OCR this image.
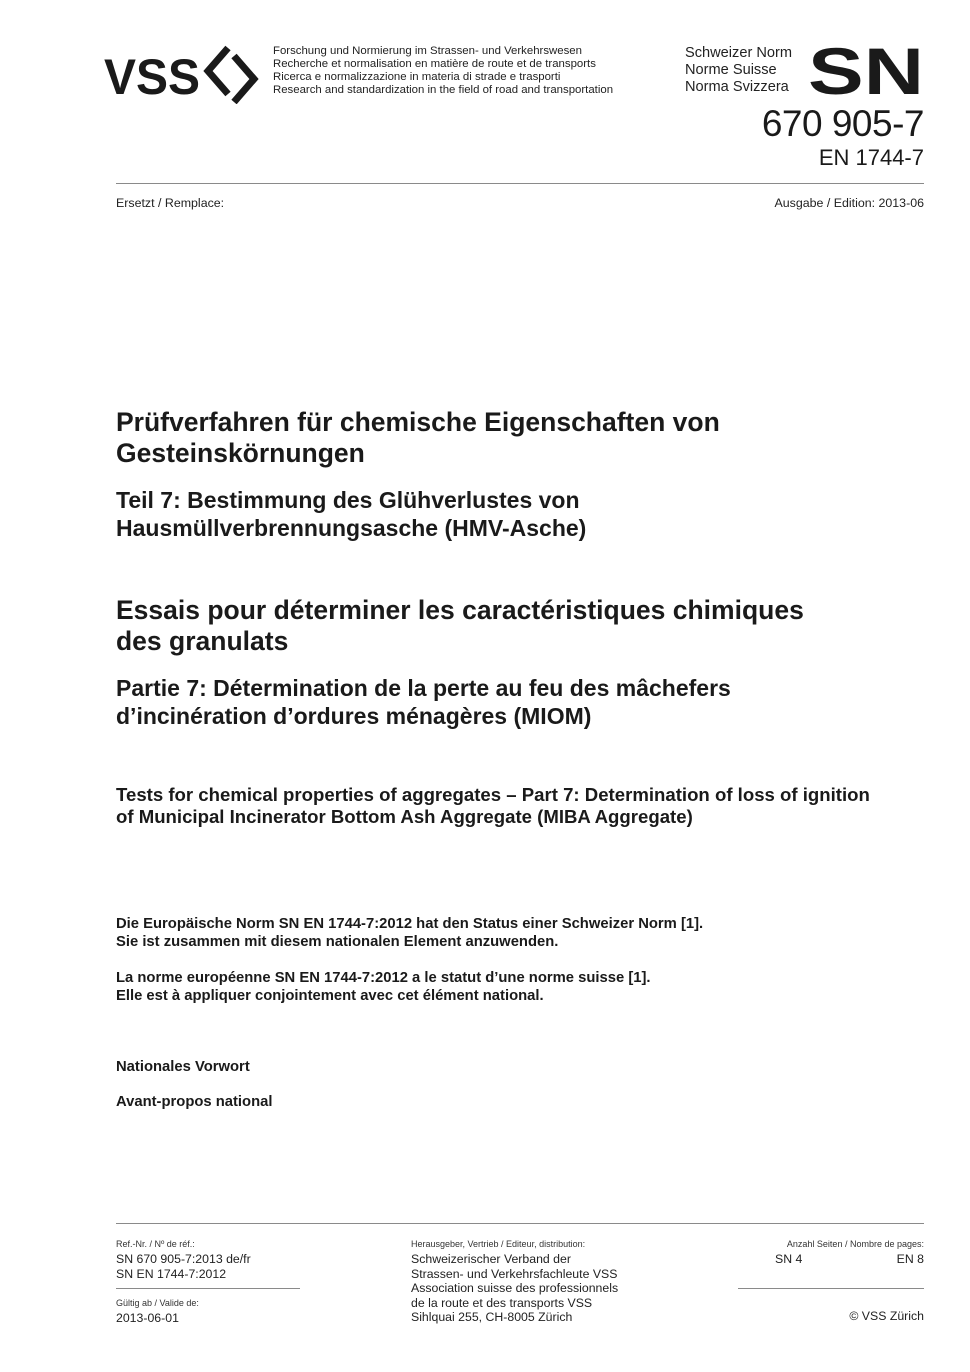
VSS	Forschung und Normierung im Strassen- und Verkehrswesen
Recherche et normalisation en matière de route et de transports
Ricerca e normalizzazione in materia di strade e trasporti
Research and standardization in the field of road and transportation
Schweizer Norm
Norme Suisse
Norma Svizzera SN
670 905-7
EN 1744-7
Ersetzt / Remplace:	Ausgabe / Edition: 2013-06
Prüfverfahren für chemische Eigenschaften von
Gesteinskörnungen
Teil 7: Bestimmung des Glühverlustes von
Hausmüllverbrennungsasche (HMV-Asche)
Essais pour déterminer les caractéristiques chimiques
des granulats
Partie 7: Détermination de la perte au feu des mâchefers
d’incinération d’ordures ménagères (MIOM)
Tests for chemical properties of aggregates – Part 7: Determination of loss of ignition
of Municipal Incinerator Bottom Ash Aggregate (MIBA Aggregate)
Die Europäische Norm SN EN 1744-7:2012 hat den Status einer Schweizer Norm [1].
Sie ist zusammen mit diesem nationalen Element anzuwenden.
La norme européenne SN EN 1744-7:2012 a le statut d’une norme suisse [1].
Elle est à appliquer conjointement avec cet élément national.
Nationales Vorwort
Avant-propos national
Ref.-Nr. / Nº de réf.:
SN 670 905-7:2013 de/fr
SN EN 1744-7:2012
Gültig ab / Valide de:
2013-06-01
Herausgeber, Vertrieb / Editeur, distribution:
Schweizerischer Verband der
Strassen- und Verkehrsfachleute VSS
Association suisse des professionnels
de la route et des transports VSS
Sihlquai 255, CH-8005 Zürich
Anzahl Seiten / Nombre de pages:
SN 4	EN 8
© VSS Zürich
